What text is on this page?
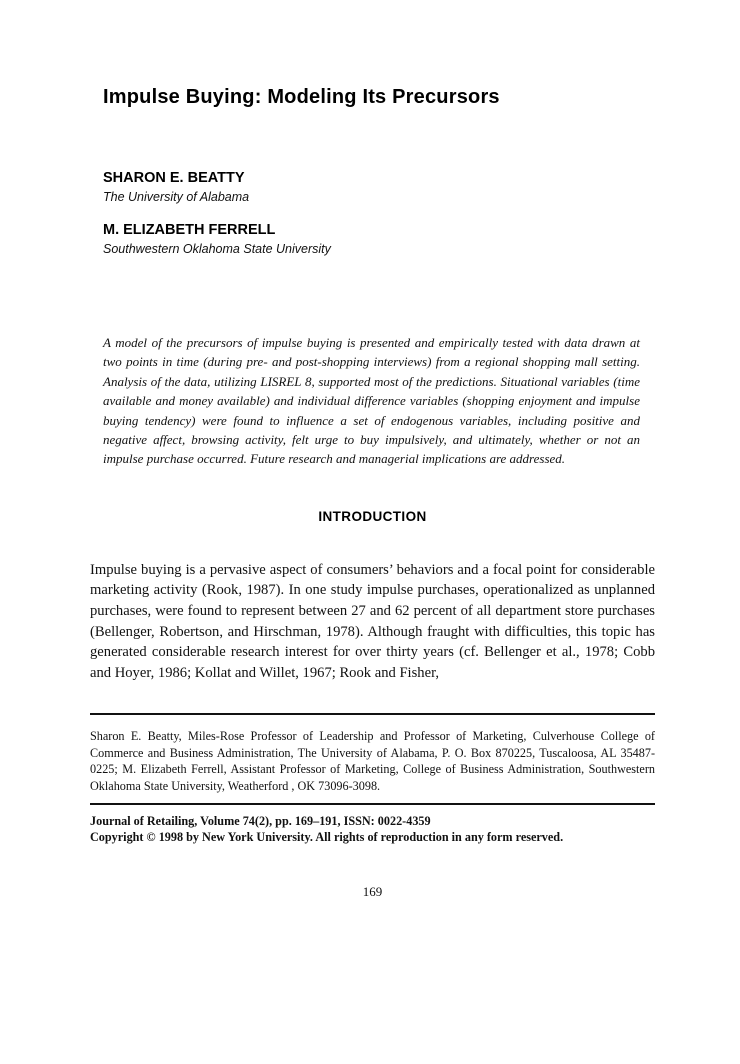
Impulse Buying: Modeling Its Precursors
SHARON E. BEATTY
The University of Alabama
M. ELIZABETH FERRELL
Southwestern Oklahoma State University

A model of the precursors of impulse buying is presented and empirically tested with data drawn at two points in time (during pre- and post-shopping interviews) from a regional shopping mall setting. Analysis of the data, utilizing LISREL 8, supported most of the predictions. Situational variables (time available and money available) and individual difference variables (shopping enjoyment and impulse buying tendency) were found to influence a set of endogenous variables, including positive and negative affect, browsing activity, felt urge to buy impulsively, and ultimately, whether or not an impulse purchase occurred. Future research and managerial implications are addressed.

INTRODUCTION

Impulse buying is a pervasive aspect of consumers’ behaviors and a focal point for considerable marketing activity (Rook, 1987). In one study impulse purchases, operationalized as unplanned purchases, were found to represent between 27 and 62 percent of all department store purchases (Bellenger, Robertson, and Hirschman, 1978). Although fraught with difficulties, this topic has generated considerable research interest for over thirty years (cf. Bellenger et al., 1978; Cobb and Hoyer, 1986; Kollat and Willet, 1967; Rook and Fisher,

Sharon E. Beatty, Miles-Rose Professor of Leadership and Professor of Marketing, Culverhouse College of Commerce and Business Administration, The University of Alabama, P. O. Box 870225, Tuscaloosa, AL 35487-0225; M. Elizabeth Ferrell, Assistant Professor of Marketing, College of Business Administration, Southwestern Oklahoma State University, Weatherford , OK 73096-3098.

Journal of Retailing, Volume 74(2), pp. 169–191, ISSN: 0022-4359
Copyright © 1998 by New York University. All rights of reproduction in any form reserved.
169
